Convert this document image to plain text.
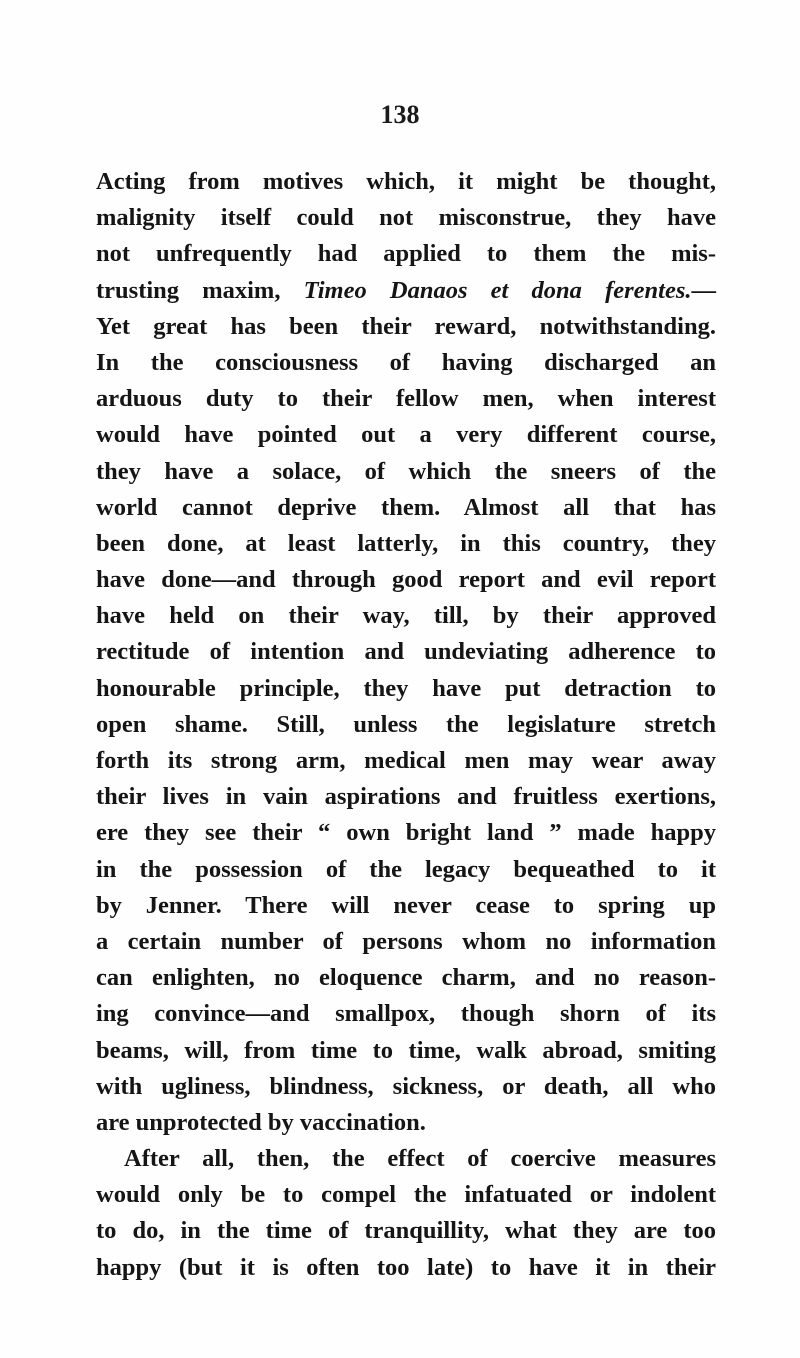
138
Acting from motives which, it might be thought,
malignity itself could not misconstrue, they have
not unfrequently had applied to them the mis-
trusting maxim, Timeo Danaos et dona ferentes.—
Yet great has been their reward, notwithstanding.
In the consciousness of having discharged an
arduous duty to their fellow men, when interest
would have pointed out a very different course,
they have a solace, of which the sneers of the
world cannot deprive them. Almost all that has
been done, at least latterly, in this country, they
have done—and through good report and evil report
have held on their way, till, by their approved
rectitude of intention and undeviating adherence to
honourable principle, they have put detraction to
open shame. Still, unless the legislature stretch
forth its strong arm, medical men may wear away
their lives in vain aspirations and fruitless exertions,
ere they see their “ own bright land ” made happy
in the possession of the legacy bequeathed to it
by Jenner. There will never cease to spring up
a certain number of persons whom no information
can enlighten, no eloquence charm, and no reason-
ing convince—and smallpox, though shorn of its
beams, will, from time to time, walk abroad, smiting
with ugliness, blindness, sickness, or death, all who
are unprotected by vaccination.
After all, then, the effect of coercive measures
would only be to compel the infatuated or indolent
to do, in the time of tranquillity, what they are too
happy (but it is often too late) to have it in their
